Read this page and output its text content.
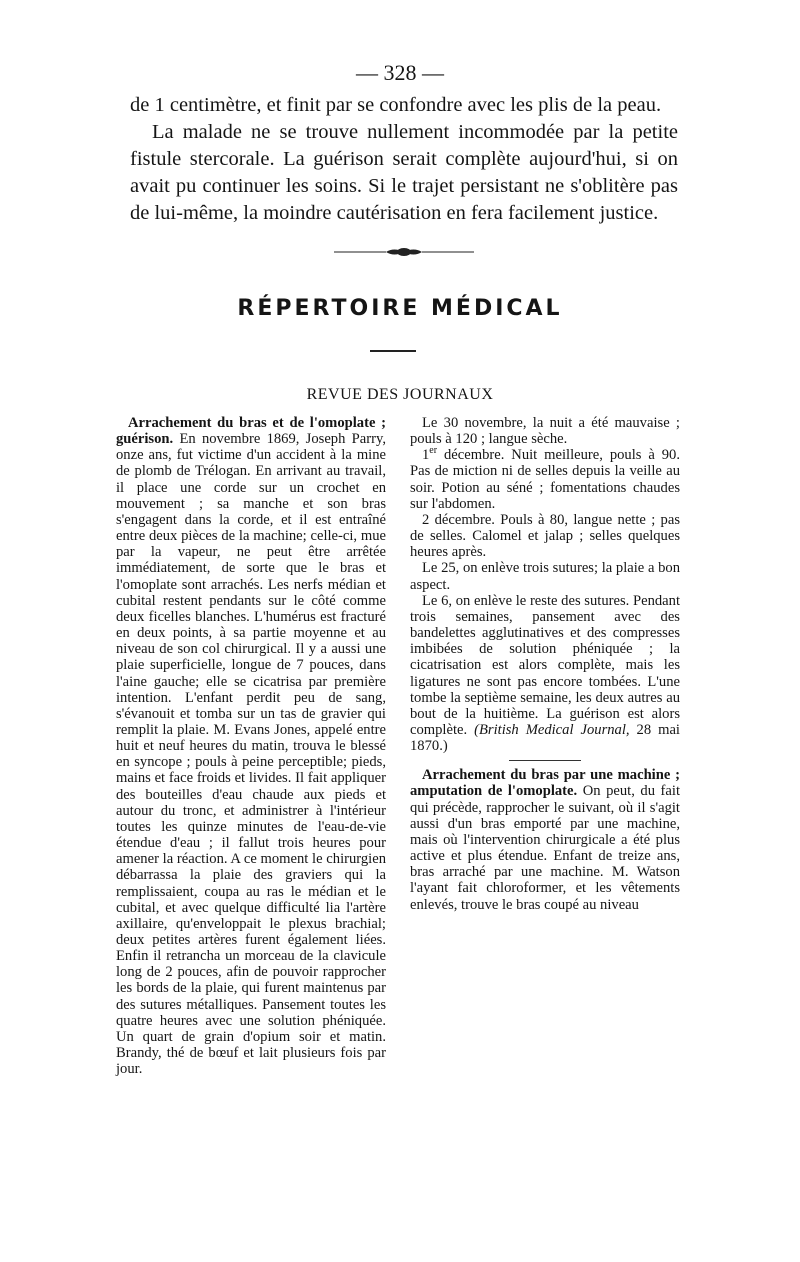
— 328 —

de 1 centimètre, et finit par se confondre avec les plis de la peau.

La malade ne se trouve nullement incommodée par la petite fistule stercorale. La guérison serait complète aujourd'hui, si on avait pu continuer les soins. Si le trajet persistant ne s'oblitère pas de lui-même, la moindre cautérisation en fera facilement justice.

RÉPERTOIRE MÉDICAL
REVUE DES JOURNAUX

Arrachement du bras et de l'omoplate ; guérison. En novembre 1869, Joseph Parry, onze ans, fut victime d'un accident à la mine de plomb de Trélogan. En arrivant au travail, il place une corde sur un crochet en mouvement ; sa manche et son bras s'engagent dans la corde, et il est entraîné entre deux pièces de la machine; celle-ci, mue par la vapeur, ne peut être arrêtée immédiatement, de sorte que le bras et l'omoplate sont arrachés. Les nerfs médian et cubital restent pendants sur le côté comme deux ficelles blanches. L'humérus est fracturé en deux points, à sa partie moyenne et au niveau de son col chirurgical. Il y a aussi une plaie superficielle, longue de 7 pouces, dans l'aine gauche; elle se cicatrisa par première intention. L'enfant perdit peu de sang, s'évanouit et tomba sur un tas de gravier qui remplit la plaie. M. Evans Jones, appelé entre huit et neuf heures du matin, trouva le blessé en syncope ; pouls à peine perceptible; pieds, mains et face froids et livides. Il fait appliquer des bouteilles d'eau chaude aux pieds et autour du tronc, et administrer à l'intérieur toutes les quinze minutes de l'eau-de-vie étendue d'eau ; il fallut trois heures pour amener la réaction. A ce moment le chirurgien débarrassa la plaie des graviers qui la remplissaient, coupa au ras le médian et le cubital, et avec quelque difficulté lia l'artère axillaire, qu'enveloppait le plexus brachial; deux petites artères furent également liées. Enfin il retrancha un morceau de la clavicule long de 2 pouces, afin de pouvoir rapprocher les bords de la plaie, qui furent maintenus par des sutures métalliques. Pansement toutes les quatre heures avec une solution phéniquée. Un quart de grain d'opium soir et matin. Brandy, thé de bœuf et lait plusieurs fois par jour.

Le 30 novembre, la nuit a été mauvaise ; pouls à 120 ; langue sèche.

1er décembre. Nuit meilleure, pouls à 90. Pas de miction ni de selles depuis la veille au soir. Potion au séné ; fomentations chaudes sur l'abdomen.

2 décembre. Pouls à 80, langue nette ; pas de selles. Calomel et jalap ; selles quelques heures après.

Le 25, on enlève trois sutures; la plaie a bon aspect.

Le 6, on enlève le reste des sutures. Pendant trois semaines, pansement avec des bandelettes agglutinatives et des compresses imbibées de solution phéniquée ; la cicatrisation est alors complète, mais les ligatures ne sont pas encore tombées. L'une tombe la septième semaine, les deux autres au bout de la huitième. La guérison est alors complète. (British Medical Journal, 28 mai 1870.)

Arrachement du bras par une machine ; amputation de l'omoplate. On peut, du fait qui précède, rapprocher le suivant, où il s'agit aussi d'un bras emporté par une machine, mais où l'intervention chirurgicale a été plus active et plus étendue. Enfant de treize ans, bras arraché par une machine. M. Watson l'ayant fait chloroformer, et les vêtements enlevés, trouve le bras coupé au niveau
